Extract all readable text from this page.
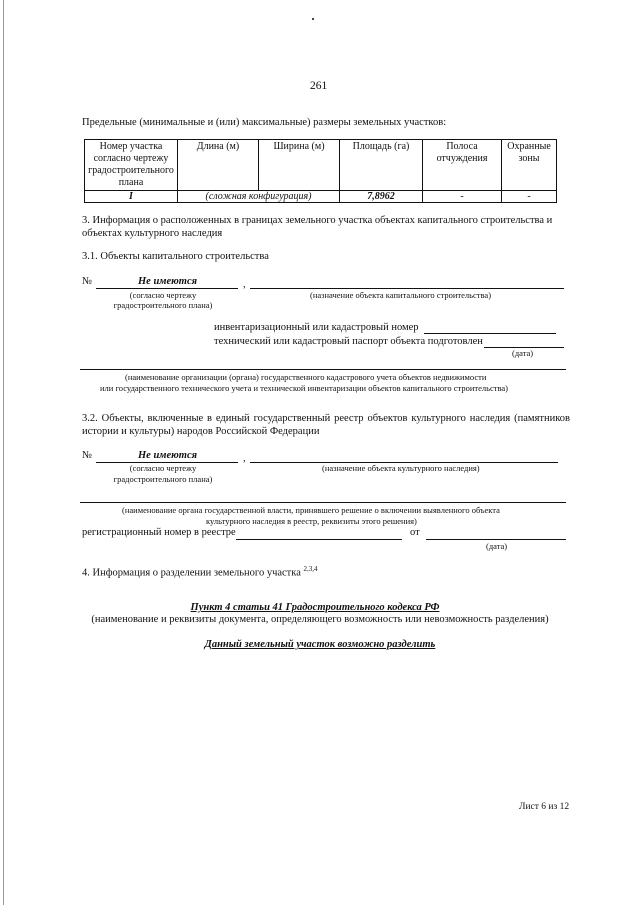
261
Предельные (минимальные и (или) максимальные) размеры земельных участков:
Номер участка согласно чертежу градостроительного плана	Длина (м)	Ширина (м)	Площадь (га)	Полоса отчуждения	Охранные зоны
I	(сложная конфигурация)		7,8962	-	-
3. Информация о расположенных в границах земельного участка объектах капитального строительства и объектах культурного наследия
3.1. Объекты капитального строительства
№	Не имеются	,
(согласно чертежу
градостроительного плана)
(назначение объекта капитального строительства)
инвентаризационный или кадастровый номер
технический или кадастровый паспорт объекта подготовлен
(дата)
(наименование организации (органа) государственного кадастрового учета объектов недвижимости
или государственного технического учета и технической инвентаризации объектов капитального строительства)
3.2. Объекты, включенные в единый государственный реестр объектов культурного наследия (памятников
истории и культуры) народов Российской Федерации
№	Не имеются	,
(согласно чертежу
градостроительного плана)
(назначение объекта культурного наследия)
(наименование органа государственной власти, принявшего решение о включении выявленного объекта
культурного наследия в реестр, реквизиты этого решения)
регистрационный номер в реестре	от
(дата)
4. Информация о разделении земельного участка $^{2,3,4}$
Пункт 4 статьи 41 Градостроительного кодекса РФ
(наименование и реквизиты документа, определяющего возможность или невозможность разделения)
Данный земельный участок возможно разделить
Лист 6 из 12
